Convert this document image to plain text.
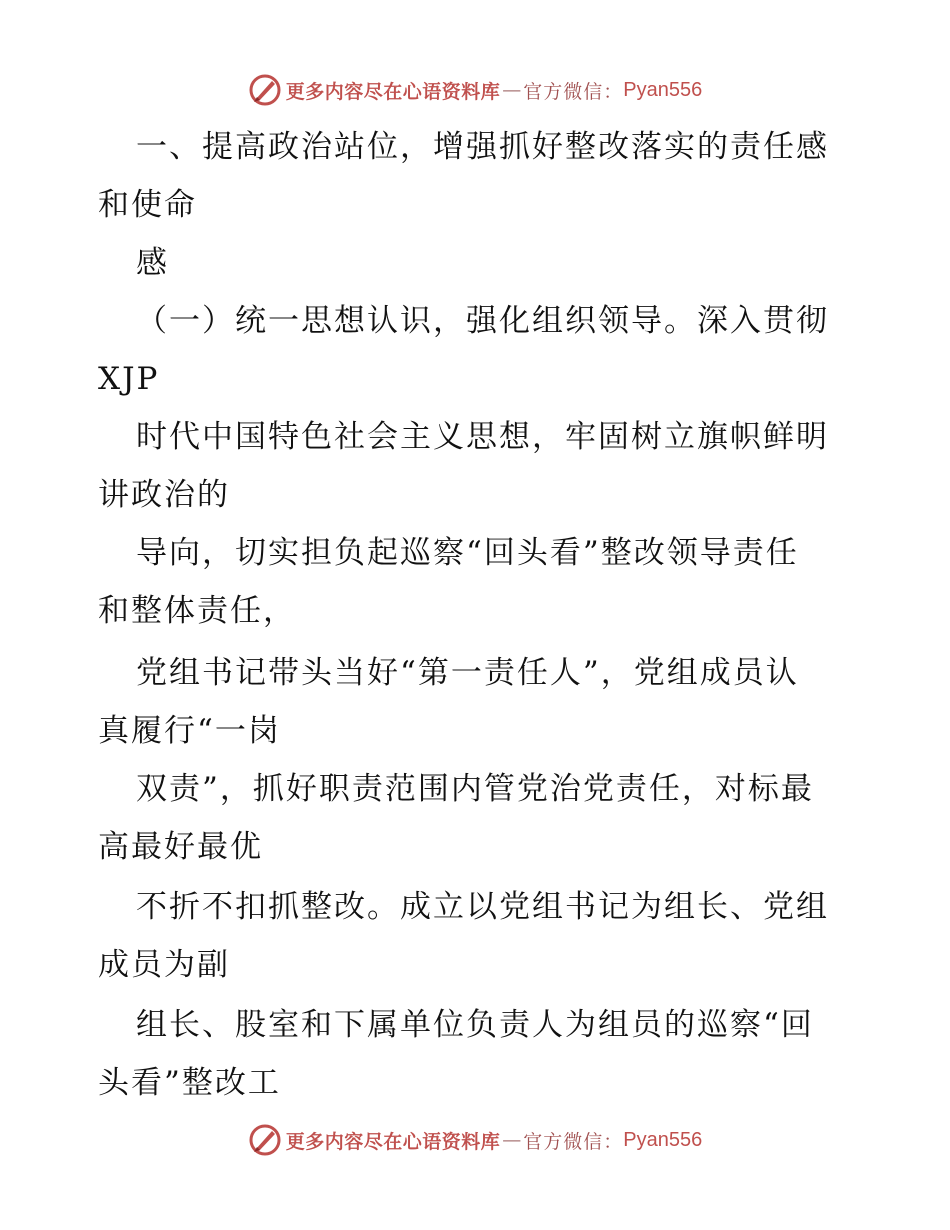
更多内容尽在心语资料库 — 官方微信： Pyan556
一、提高政治站位，增强抓好整改落实的责任感
和使命
感
（一）统一思想认识，强化组织领导。深入贯彻
XJP
时代中国特色社会主义思想，牢固树立旗帜鲜明
讲政治的
导向，切实担负起巡察“回头看”整改领导责任
和整体责任，
党组书记带头当好“第一责任人”，党组成员认
真履行“一岗
双责”，抓好职责范围内管党治党责任，对标最
高最好最优
不折不扣抓整改。成立以党组书记为组长、党组
成员为副
组长、股室和下属单位负责人为组员的巡察“回
头看”整改工
更多内容尽在心语资料库 — 官方微信： Pyan556
